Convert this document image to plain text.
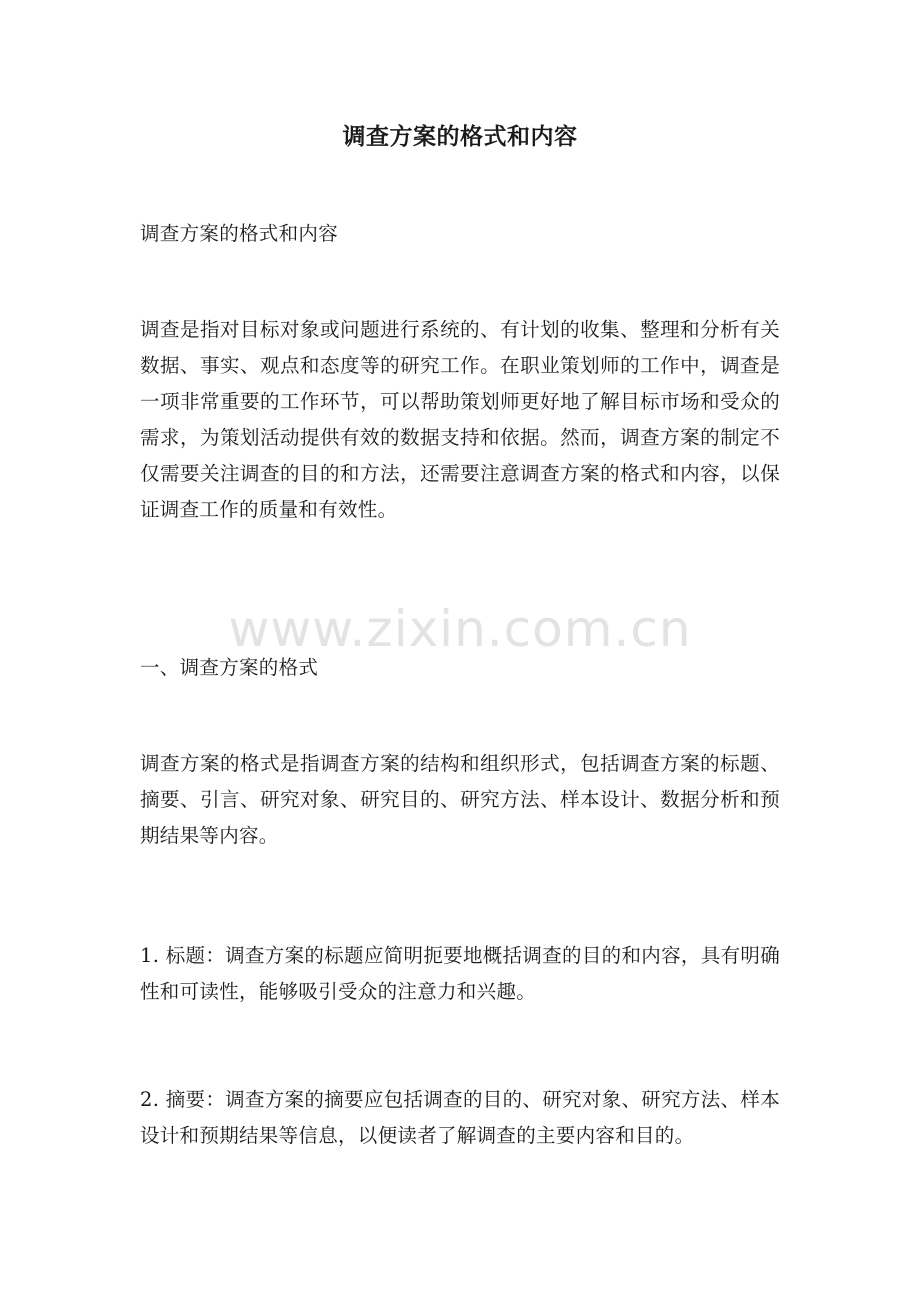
调查方案的格式和内容
调查方案的格式和内容
调查是指对目标对象或问题进行系统的、有计划的收集、整理和分析有关数据、事实、观点和态度等的研究工作。在职业策划师的工作中，调查是一项非常重要的工作环节，可以帮助策划师更好地了解目标市场和受众的需求，为策划活动提供有效的数据支持和依据。然而，调查方案的制定不仅需要关注调查的目的和方法，还需要注意调查方案的格式和内容，以保证调查工作的质量和有效性。
一、调查方案的格式
调查方案的格式是指调查方案的结构和组织形式，包括调查方案的标题、摘要、引言、研究对象、研究目的、研究方法、样本设计、数据分析和预期结果等内容。
1. 标题：调查方案的标题应简明扼要地概括调查的目的和内容，具有明确性和可读性，能够吸引受众的注意力和兴趣。
2. 摘要：调查方案的摘要应包括调查的目的、研究对象、研究方法、样本设计和预期结果等信息，以便读者了解调查的主要内容和目的。
www.zixin.com.cn
